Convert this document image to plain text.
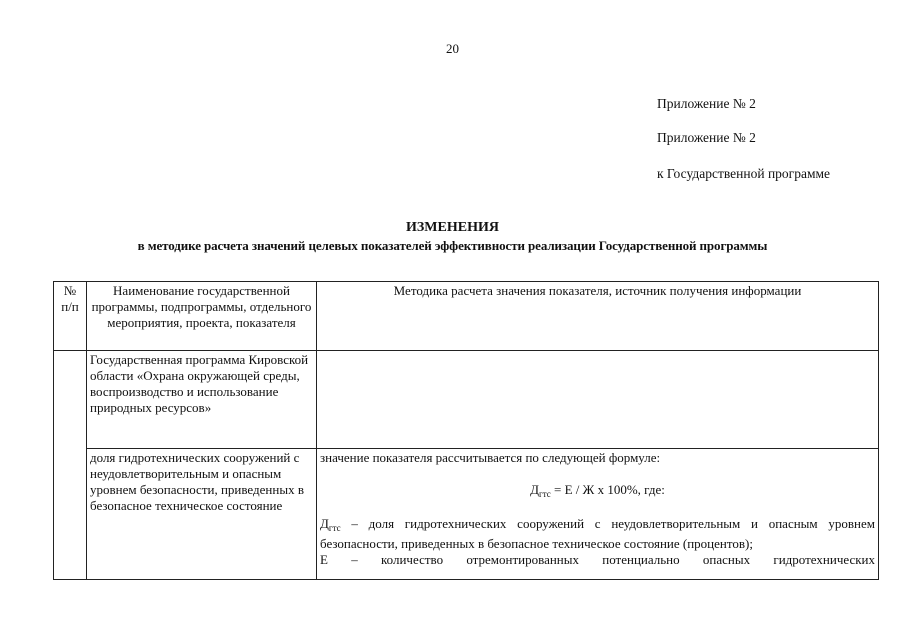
20
Приложение № 2
Приложение № 2
к Государственной программе
ИЗМЕНЕНИЯ
в методике расчета значений целевых показателей эффективности реализации Государственной программы
№ п/п	Наименование государственной программы, подпрограммы, отдельного мероприятия, проекта, показателя	Методика расчета значения показателя, источник получения информации
	Государственная программа Кировской области «Охрана окружающей среды, воспроизводство и использование природных ресурсов»	
	доля гидротехнических сооружений с неудовлетворительным и опасным уровнем безопасности, приведенных в безопасное техническое состояние	значение показателя рассчитывается по следующей формуле:

$Д_{гтс} = Е / Ж$ х 100%, где:

$Д_{гтс}$ – доля гидротехнических сооружений с неудовлетворительным и опасным уровнем безопасности, приведенных в безопасное техническое состояние (процентов);

Е – количество отремонтированных потенциально опасных гидротехнических
